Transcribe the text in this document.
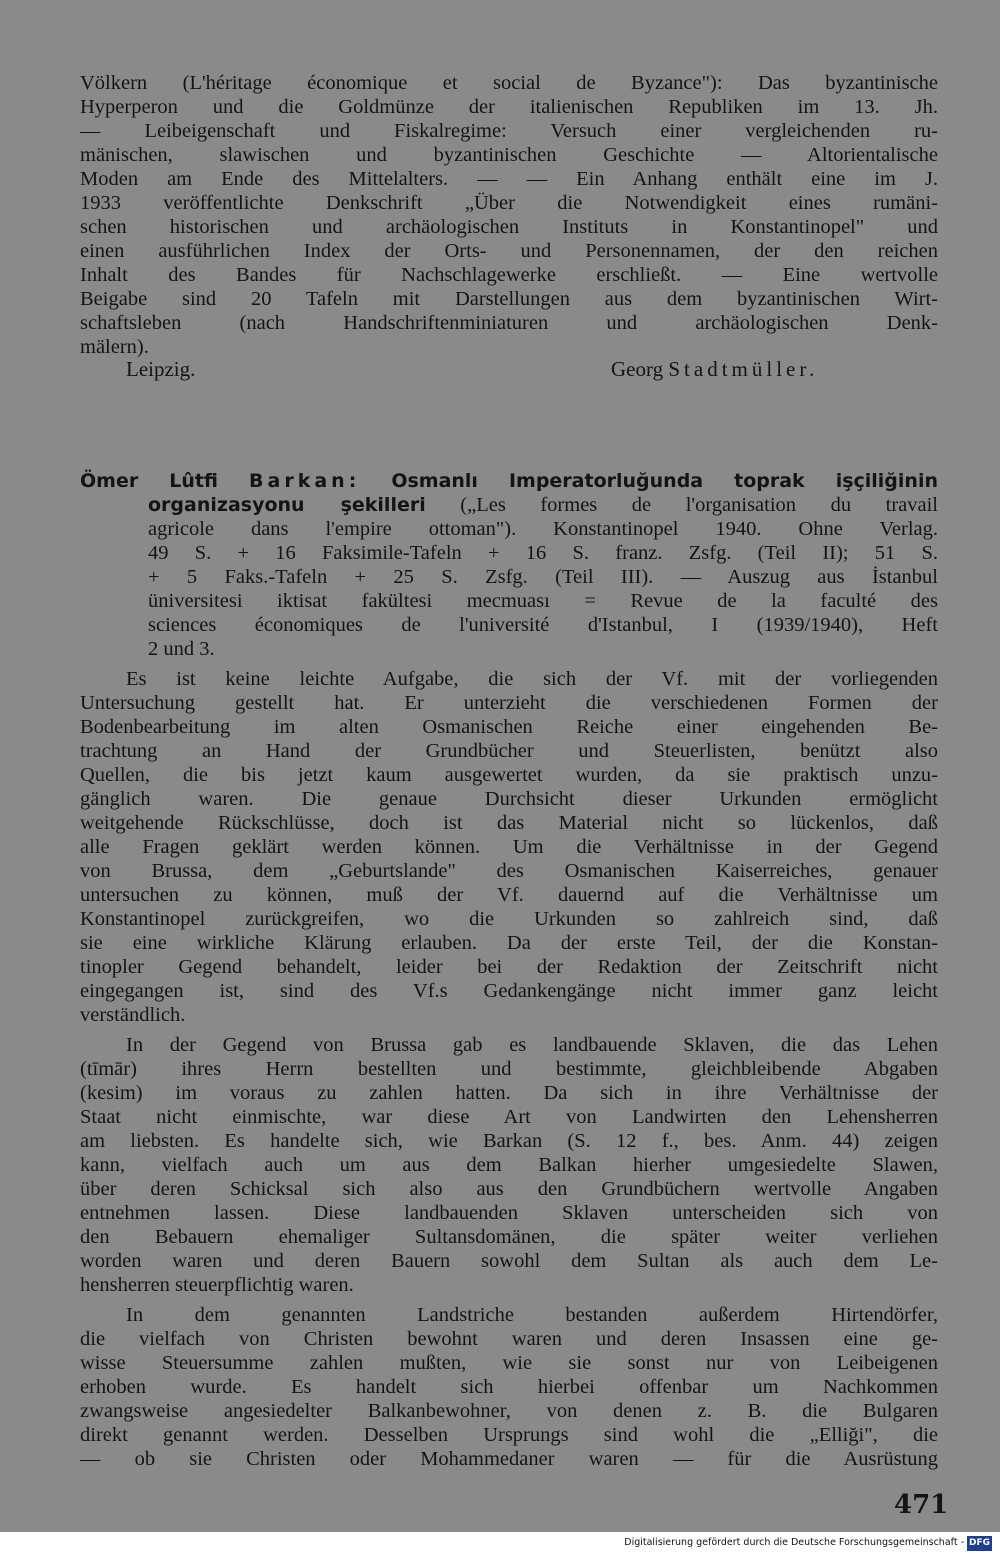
Völkern (L'héritage économique et social de Byzance"): Das byzantinische
Hyperperon und die Goldmünze der italienischen Republiken im 13. Jh.
— Leibeigenschaft und Fiskalregime: Versuch einer vergleichenden ru-
mänischen, slawischen und byzantinischen Geschichte — Altorientalische
Moden am Ende des Mittelalters. — — Ein Anhang enthält eine im J.
1933 veröffentlichte Denkschrift „Über die Notwendigkeit eines rumäni-
schen historischen und archäologischen Instituts in Konstantinopel" und
einen ausführlichen Index der Orts- und Personennamen, der den reichen
Inhalt des Bandes für Nachschlagewerke erschließt. — Eine wertvolle
Beigabe sind 20 Tafeln mit Darstellungen aus dem byzantinischen Wirt-
schaftsleben (nach Handschriftenminiaturen und archäologischen Denk-
mälern).
Leipzig.	Georg Stadtmüller.
Ömer Lûtfi Barkan: Osmanlı Imperatorluğunda toprak işçiliğinin
organizasyonu şekilleri („Les formes de l'organisation du travail
agricole dans l'empire ottoman"). Konstantinopel 1940. Ohne Verlag.
49 S. + 16 Faksimile-Tafeln + 16 S. franz. Zsfg. (Teil II); 51 S.
+ 5 Faks.-Tafeln + 25 S. Zsfg. (Teil III). — Auszug aus İstanbul
üniversitesi iktisat fakültesi mecmuası = Revue de la faculté des
sciences économiques de l'université d'Istanbul, I (1939/1940), Heft
2 und 3.
Es ist keine leichte Aufgabe, die sich der Vf. mit der vorliegenden
Untersuchung gestellt hat. Er unterzieht die verschiedenen Formen der
Bodenbearbeitung im alten Osmanischen Reiche einer eingehenden Be-
trachtung an Hand der Grundbücher und Steuerlisten, benützt also
Quellen, die bis jetzt kaum ausgewertet wurden, da sie praktisch unzu-
gänglich waren. Die genaue Durchsicht dieser Urkunden ermöglicht
weitgehende Rückschlüsse, doch ist das Material nicht so lückenlos, daß
alle Fragen geklärt werden können. Um die Verhältnisse in der Gegend
von Brussa, dem „Geburtslande" des Osmanischen Kaiserreiches, genauer
untersuchen zu können, muß der Vf. dauernd auf die Verhältnisse um
Konstantinopel zurückgreifen, wo die Urkunden so zahlreich sind, daß
sie eine wirkliche Klärung erlauben. Da der erste Teil, der die Konstan-
tinopler Gegend behandelt, leider bei der Redaktion der Zeitschrift nicht
eingegangen ist, sind des Vf.s Gedankengänge nicht immer ganz leicht
verständlich.
In der Gegend von Brussa gab es landbauende Sklaven, die das Lehen
(tīmār) ihres Herrn bestellten und bestimmte, gleichbleibende Abgaben
(kesim) im voraus zu zahlen hatten. Da sich in ihre Verhältnisse der
Staat nicht einmischte, war diese Art von Landwirten den Lehensherren
am liebsten. Es handelte sich, wie Barkan (S. 12 f., bes. Anm. 44) zeigen
kann, vielfach auch um aus dem Balkan hierher umgesiedelte Slawen,
über deren Schicksal sich also aus den Grundbüchern wertvolle Angaben
entnehmen lassen. Diese landbauenden Sklaven unterscheiden sich von
den Bebauern ehemaliger Sultansdomänen, die später weiter verliehen
worden waren und deren Bauern sowohl dem Sultan als auch dem Le-
hensherren steuerpflichtig waren.
In dem genannten Landstriche bestanden außerdem Hirtendörfer,
die vielfach von Christen bewohnt waren und deren Insassen eine ge-
wisse Steuersumme zahlen mußten, wie sie sonst nur von Leibeigenen
erhoben wurde. Es handelt sich hierbei offenbar um Nachkommen
zwangsweise angesiedelter Balkanbewohner, von denen z. B. die Bulgaren
direkt genannt werden. Desselben Ursprungs sind wohl die „Elliği", die
— ob sie Christen oder Mohammedaner waren — für die Ausrüstung
471
Digitalisierung gefördert durch die Deutsche Forschungsgemeinschaft - DFG
